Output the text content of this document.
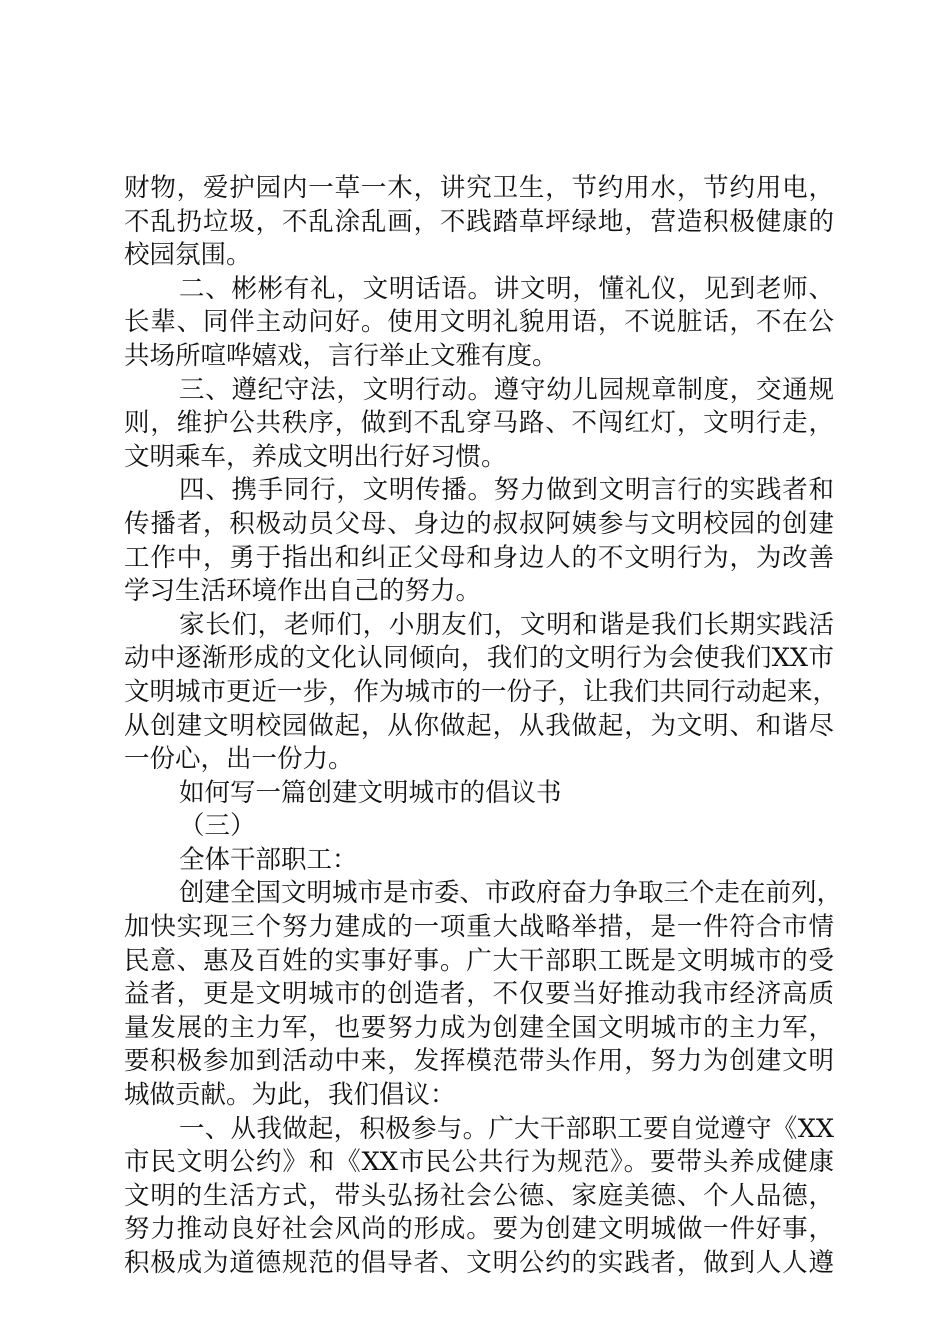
财物，爱护园内一草一木，讲究卫生，节约用水，节约用电，
不乱扔垃圾，不乱涂乱画，不践踏草坪绿地，营造积极健康的
校园氛围。
二、彬彬有礼，文明话语。讲文明，懂礼仪，见到老师、
长辈、同伴主动问好。使用文明礼貌用语，不说脏话，不在公
共场所喧哗嬉戏，言行举止文雅有度。
三、遵纪守法，文明行动。遵守幼儿园规章制度，交通规
则，维护公共秩序，做到不乱穿马路、不闯红灯，文明行走，
文明乘车，养成文明出行好习惯。
四、携手同行，文明传播。努力做到文明言行的实践者和
传播者，积极动员父母、身边的叔叔阿姨参与文明校园的创建
工作中，勇于指出和纠正父母和身边人的不文明行为，为改善
学习生活环境作出自己的努力。
家长们，老师们，小朋友们，文明和谐是我们长期实践活
动中逐渐形成的文化认同倾向，我们的文明行为会使我们XX市
文明城市更近一步，作为城市的一份子，让我们共同行动起来，
从创建文明校园做起，从你做起，从我做起，为文明、和谐尽
一份心，出一份力。
如何写一篇创建文明城市的倡议书
（三）
全体干部职工：
创建全国文明城市是市委、市政府奋力争取三个走在前列，
加快实现三个努力建成的一项重大战略举措，是一件符合市情
民意、惠及百姓的实事好事。广大干部职工既是文明城市的受
益者，更是文明城市的创造者，不仅要当好推动我市经济高质
量发展的主力军，也要努力成为创建全国文明城市的主力军，
要积极参加到活动中来，发挥模范带头作用，努力为创建文明
城做贡献。为此，我们倡议：
一、从我做起，积极参与。广大干部职工要自觉遵守《XX
市民文明公约》和《XX市民公共行为规范》。要带头养成健康
文明的生活方式，带头弘扬社会公德、家庭美德、个人品德，
努力推动良好社会风尚的形成。要为创建文明城做一件好事，
积极成为道德规范的倡导者、文明公约的实践者，做到人人遵
